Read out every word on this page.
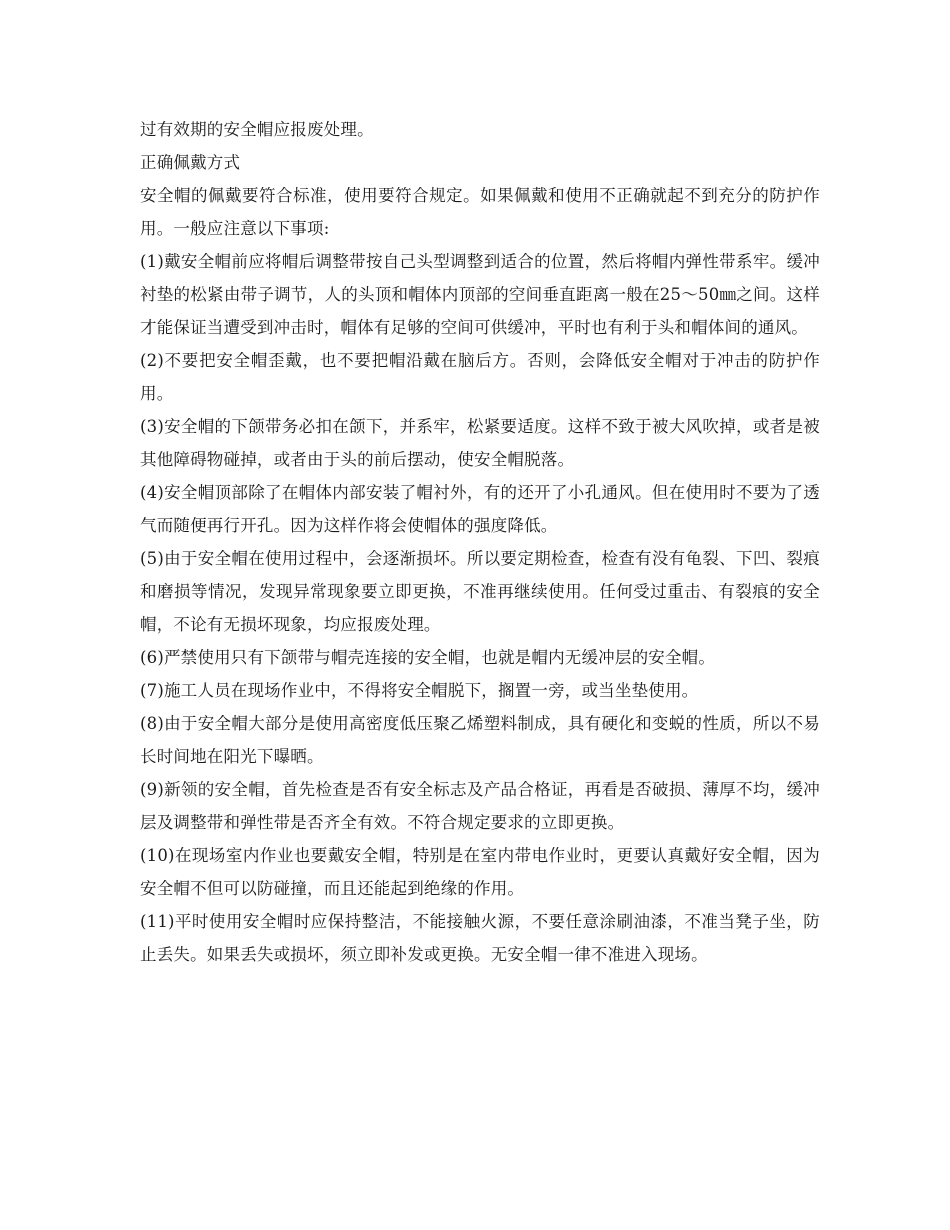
过有效期的安全帽应报废处理。

正确佩戴方式

安全帽的佩戴要符合标准，使用要符合规定。如果佩戴和使用不正确就起不到充分的防护作用。一般应注意以下事项:

(1)戴安全帽前应将帽后调整带按自己头型调整到适合的位置，然后将帽内弹性带系牢。缓冲衬垫的松紧由带子调节，人的头顶和帽体内顶部的空间垂直距离一般在25～50㎜之间。这样才能保证当遭受到冲击时，帽体有足够的空间可供缓冲，平时也有利于头和帽体间的通风。

(2)不要把安全帽歪戴，也不要把帽沿戴在脑后方。否则，会降低安全帽对于冲击的防护作用。

(3)安全帽的下颌带务必扣在颌下，并系牢，松紧要适度。这样不致于被大风吹掉，或者是被其他障碍物碰掉，或者由于头的前后摆动，使安全帽脱落。

(4)安全帽顶部除了在帽体内部安装了帽衬外，有的还开了小孔通风。但在使用时不要为了透气而随便再行开孔。因为这样作将会使帽体的强度降低。

(5)由于安全帽在使用过程中，会逐渐损坏。所以要定期检查，检查有没有龟裂、下凹、裂痕和磨损等情况，发现异常现象要立即更换，不准再继续使用。任何受过重击、有裂痕的安全帽，不论有无损坏现象，均应报废处理。

(6)严禁使用只有下颌带与帽壳连接的安全帽，也就是帽内无缓冲层的安全帽。

(7)施工人员在现场作业中，不得将安全帽脱下，搁置一旁，或当坐垫使用。

(8)由于安全帽大部分是使用高密度低压聚乙烯塑料制成，具有硬化和变蜕的性质，所以不易长时间地在阳光下曝晒。

(9)新领的安全帽，首先检查是否有安全标志及产品合格证，再看是否破损、薄厚不均，缓冲层及调整带和弹性带是否齐全有效。不符合规定要求的立即更换。

(10)在现场室内作业也要戴安全帽，特别是在室内带电作业时，更要认真戴好安全帽，因为安全帽不但可以防碰撞，而且还能起到绝缘的作用。

(11)平时使用安全帽时应保持整洁，不能接触火源，不要任意涂刷油漆，不准当凳子坐，防止丢失。如果丢失或损坏，须立即补发或更换。无安全帽一律不准进入现场。
